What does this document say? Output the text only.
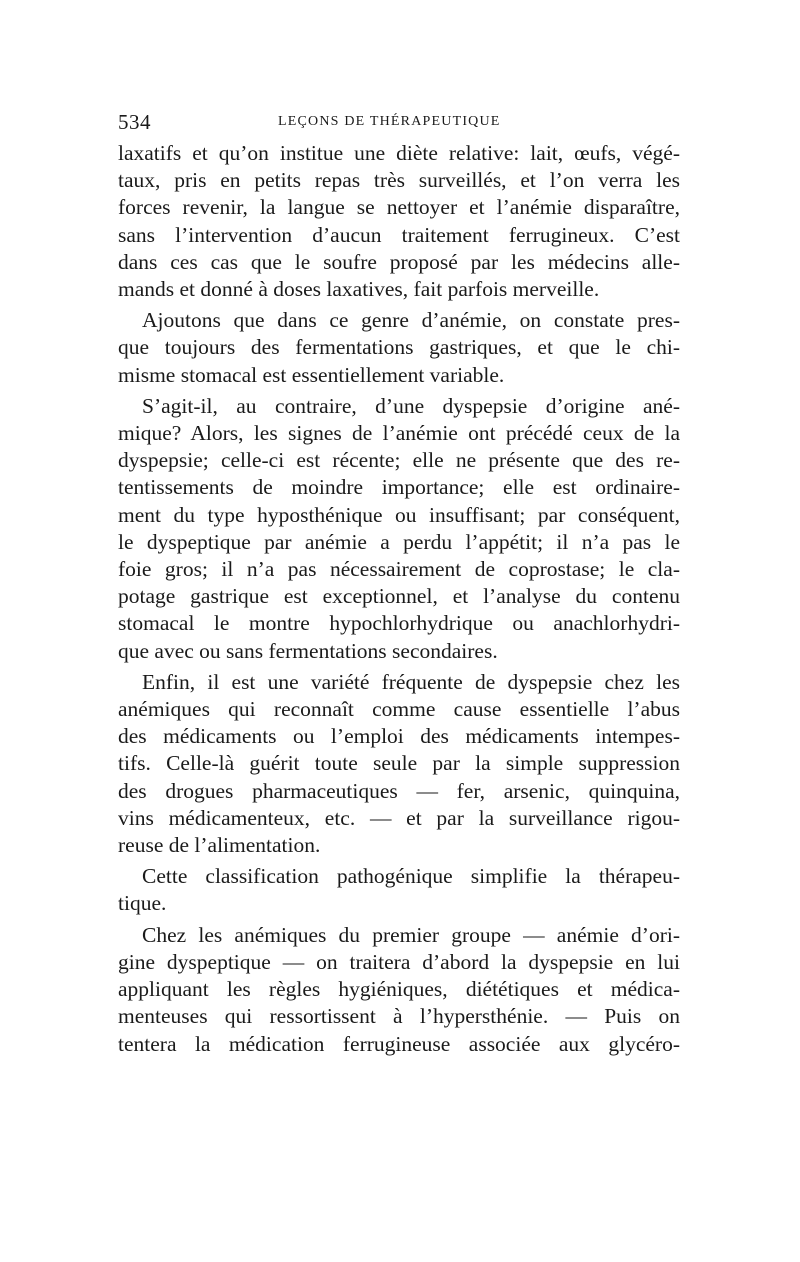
534	LEÇONS DE THÉRAPEUTIQUE
laxatifs et qu’on institue une diète relative: lait, œufs, végé-
taux, pris en petits repas très surveillés, et l’on verra les
forces revenir, la langue se nettoyer et l’anémie disparaître,
sans l’intervention d’aucun traitement ferrugineux. C’est
dans ces cas que le soufre proposé par les médecins alle-
mands et donné à doses laxatives, fait parfois merveille.
Ajoutons que dans ce genre d’anémie, on constate pres-
que toujours des fermentations gastriques, et que le chi-
misme stomacal est essentiellement variable.
S’agit-il, au contraire, d’une dyspepsie d’origine ané-
mique? Alors, les signes de l’anémie ont précédé ceux de la
dyspepsie; celle-ci est récente; elle ne présente que des re-
tentissements de moindre importance; elle est ordinaire-
ment du type hyposthénique ou insuffisant; par conséquent,
le dyspeptique par anémie a perdu l’appétit; il n’a pas le
foie gros; il n’a pas nécessairement de coprostase; le cla-
potage gastrique est exceptionnel, et l’analyse du contenu
stomacal le montre hypochlorhydrique ou anachlorhydri-
que avec ou sans fermentations secondaires.
Enfin, il est une variété fréquente de dyspepsie chez les
anémiques qui reconnaît comme cause essentielle l’abus
des médicaments ou l’emploi des médicaments intempes-
tifs. Celle-là guérit toute seule par la simple suppression
des drogues pharmaceutiques — fer, arsenic, quinquina,
vins médicamenteux, etc. — et par la surveillance rigou-
reuse de l’alimentation.
Cette classification pathogénique simplifie la thérapeu-
tique.
Chez les anémiques du premier groupe — anémie d’ori-
gine dyspeptique — on traitera d’abord la dyspepsie en lui
appliquant les règles hygiéniques, diététiques et médica-
menteuses qui ressortissent à l’hypersthénie. — Puis on
tentera la médication ferrugineuse associée aux glycéro-
